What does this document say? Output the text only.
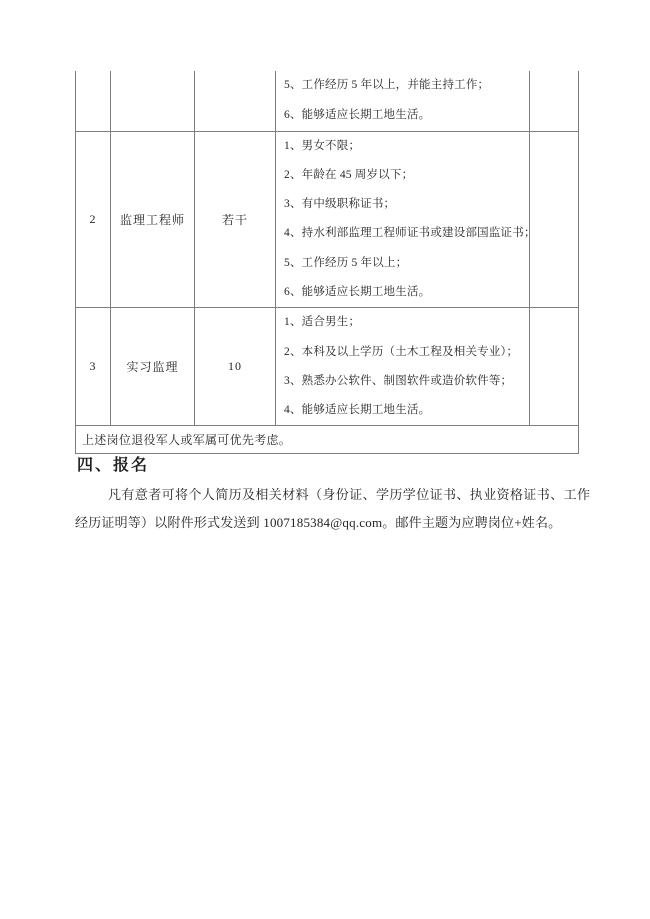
			5、工作经历 5 年以上，并能主持工作；
6、能够适应长期工地生活。	

2	监理工程师	若干	
1、男女不限；
2、年龄在 45 周岁以下；
3、有中级职称证书；
4、持水利部监理工程师证书或建设部国监证书；
5、工作经历 5 年以上；
6、能够适应长期工地生活。

3	实习监理	10	1、适合男生；
2、本科及以上学历（土木工程及相关专业）；
3、熟悉办公软件、制图软件或造价软件等；
4、能够适应长期工地生活。	

上述岗位退役军人或军属可优先考虑。				
四、报名
凡有意者可将个人简历及相关材料（身份证、学历学位证书、执业资格证书、工作
经历证明等）以附件形式发送到 1007185384@qq.com。邮件主题为应聘岗位+姓名。
